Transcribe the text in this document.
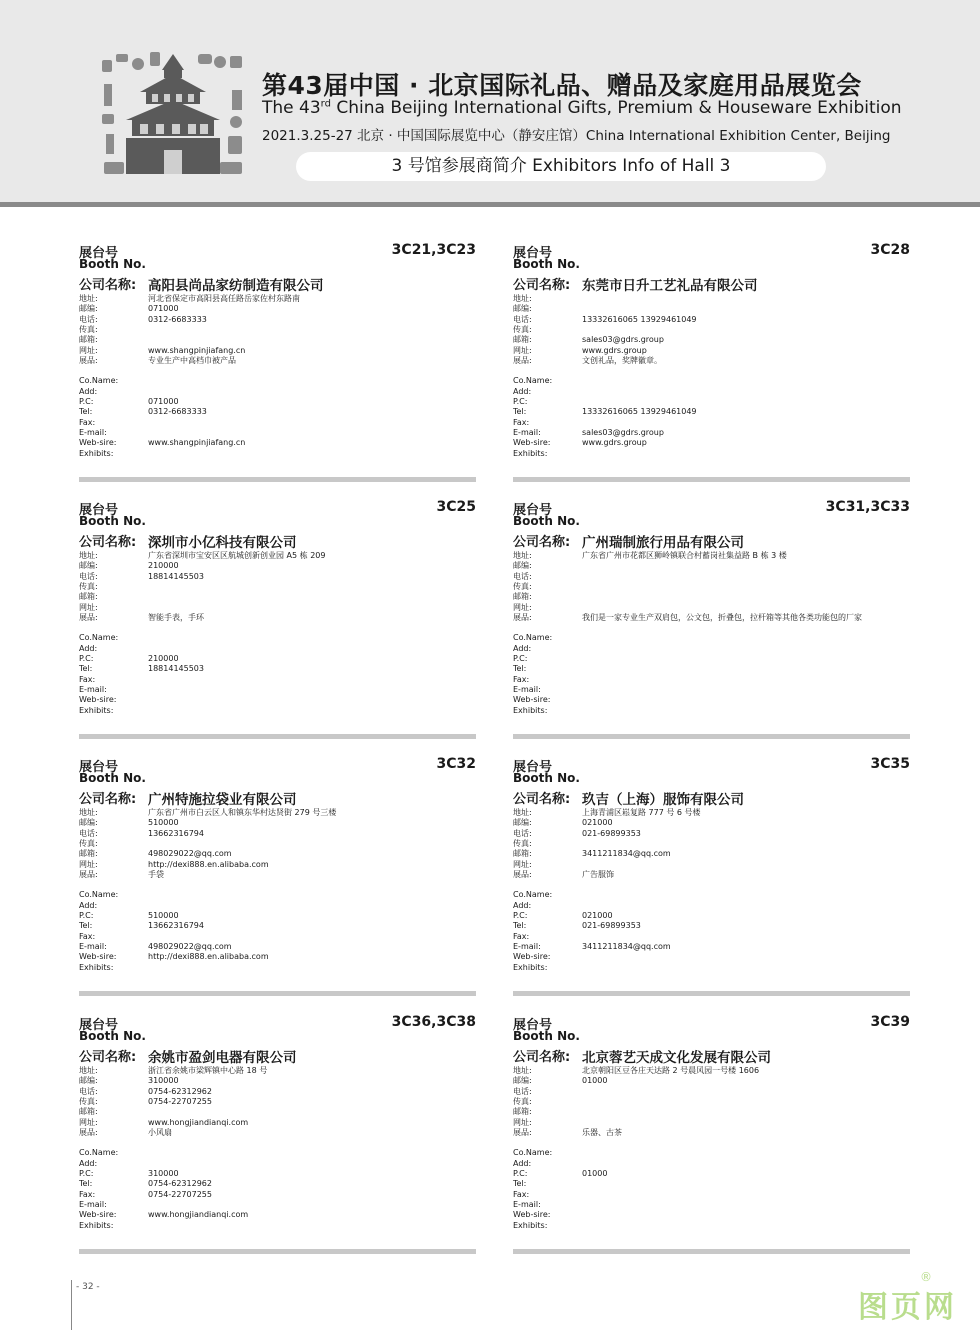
第43届中国 · 北京国际礼品、赠品及家庭用品展览会
The 43rd China Beijing International Gifts, Premium & Houseware Exhibition
2021.3.25-27 北京 · 中国国际展览中心（静安庄馆）China International Exhibition Center, Beijing
3 号馆参展商简介 Exhibitors Info of Hall 3
展台号
Booth No.
3C21,3C23
公司名称: 高阳县尚品家纺制造有限公司
地址:	河北省保定市高阳县高任路岳家佐村东路南
邮编:	071000
电话:	0312-6683333
传真:
邮箱:
网址:	www.shangpinjiafang.cn
展品:	专业生产中高档巾被产品
Co.Name:
Add:
P.C:	071000
Tel:	0312-6683333
Fax:
E-mail:
Web-sire:	www.shangpinjiafang.cn
Exhibits:
展台号
Booth No.
3C28
公司名称: 东莞市日升工艺礼品有限公司
地址:
邮编:
电话:	13332616065 13929461049
传真:
邮箱:	sales03@gdrs.group
网址:	www.gdrs.group
展品:	文创礼品，奖牌徽章。
Co.Name:
Add:
P.C:
Tel:	13332616065 13929461049
Fax:
E-mail:	sales03@gdrs.group
Web-sire:	www.gdrs.group
Exhibits:
展台号
Booth No.
3C25
公司名称: 深圳市小亿科技有限公司
地址:	广东省深圳市宝安区区航城创新创业园 A5 栋 209
邮编:	210000
电话:	18814145503
传真:
邮箱:
网址:
展品:	智能手表，手环
Co.Name:
Add:
P.C:	210000
Tel:	18814145503
Fax:
E-mail:
Web-sire:
Exhibits:
展台号
Booth No.
3C31,3C33
公司名称: 广州瑞制旅行用品有限公司
地址:	广东省广州市花都区狮岭镇联合村蓄岗社集益路 B 栋 3 楼
邮编:
电话:
传真:
邮箱:
网址:
展品:	我们是一家专业生产双肩包，公文包，折叠包，拉杆箱等其他各类功能包的厂家
Co.Name:
Add:
P.C:
Tel:
Fax:
E-mail:
Web-sire:
Exhibits:
展台号
Booth No.
3C32
公司名称: 广州特施拉袋业有限公司
地址:	广东省广州市白云区人和镇东华村达贤街 279 号三楼
邮编:	510000
电话:	13662316794
传真:
邮箱:	498029022@qq.com
网址:	http://dexi888.en.alibaba.com
展品:	手袋
Co.Name:
Add:
P.C:	510000
Tel:	13662316794
Fax:
E-mail:	498029022@qq.com
Web-sire:	http://dexi888.en.alibaba.com
Exhibits:
展台号
Booth No.
3C35
公司名称: 玖吉（上海）服饰有限公司
地址:	上海青浦区崧复路 777 号 6 号楼
邮编:	021000
电话:	021-69899353
传真:
邮箱:	3411211834@qq.com
网址:
展品:	广告服饰
Co.Name:
Add:
P.C:	021000
Tel:	021-69899353
Fax:
E-mail:	3411211834@qq.com
Web-sire:
Exhibits:
展台号
Booth No.
3C36,3C38
公司名称: 余姚市盈剑电器有限公司
地址:	浙江省余姚市梁辉镇中心路 18 号
邮编:	310000
电话:	0754-62312962
传真:	0754-22707255
邮箱:
网址:	www.hongjiandianqi.com
展品:	小风扇
Co.Name:
Add:
P.C:	310000
Tel:	0754-62312962
Fax:	0754-22707255
E-mail:
Web-sire:	www.hongjiandianqi.com
Exhibits:
展台号
Booth No.
3C39
公司名称: 北京蓉艺天成文化发展有限公司
地址:	北京朝阳区豆各庄天达路 2 号晨风园一号楼 1606
邮编:	01000
电话:
传真:
邮箱:
网址:
展品:	乐器、古茶
Co.Name:
Add:
P.C:	01000
Tel:
Fax:
E-mail:
Web-sire:
Exhibits:
- 32 -
图页网
®
